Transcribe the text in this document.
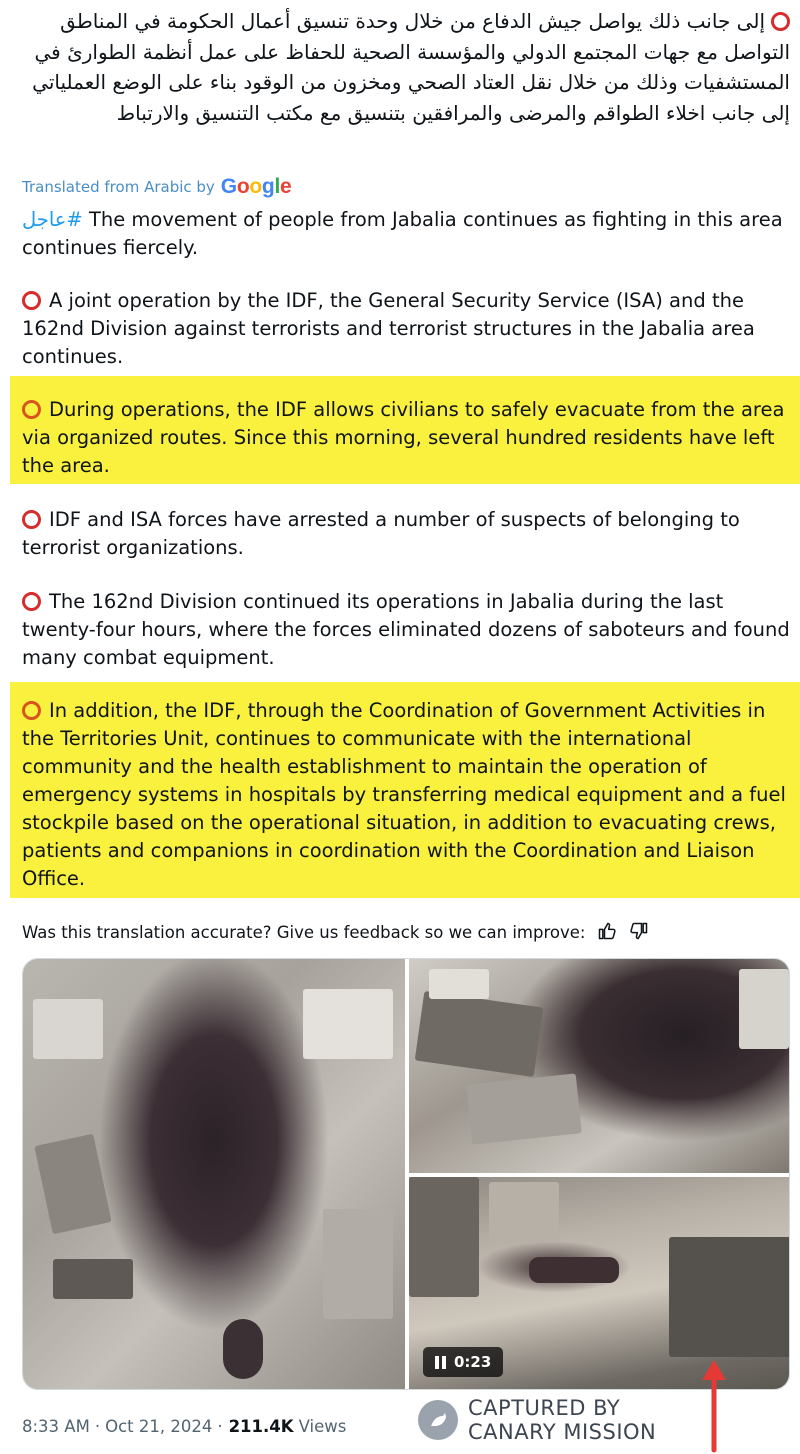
إلى جانب ذلك يواصل جيش الدفاع من خلال وحدة تنسيق أعمال الحكومة في المناطق التواصل مع جهات المجتمع الدولي والمؤسسة الصحية للحفاظ على عمل أنظمة الطوارئ في المستشفيات وذلك من خلال نقل العتاد الصحي ومخزون من الوقود بناء على الوضع العملياتي إلى جانب اخلاء الطواقم والمرضى والمرافقين بتنسيق مع مكتب التنسيق والارتباط
Translated from Arabic by Google
#عاجل The movement of people from Jabalia continues as fighting in this area continues fiercely.
A joint operation by the IDF, the General Security Service (ISA) and the 162nd Division against terrorists and terrorist structures in the Jabalia area continues.
During operations, the IDF allows civilians to safely evacuate from the area via organized routes. Since this morning, several hundred residents have left the area.
IDF and ISA forces have arrested a number of suspects of belonging to terrorist organizations.
The 162nd Division continued its operations in Jabalia during the last twenty-four hours, where the forces eliminated dozens of saboteurs and found many combat equipment.
In addition, the IDF, through the Coordination of Government Activities in the Territories Unit, continues to communicate with the international community and the health establishment to maintain the operation of emergency systems in hospitals by transferring medical equipment and a fuel stockpile based on the operational situation, in addition to evacuating crews, patients and companions in coordination with the Coordination and Liaison Office.
Was this translation accurate? Give us feedback so we can improve:
0:23
8:33 AM · Oct 21, 2024 · 211.4K Views
CAPTURED BY
CANARY MISSION
